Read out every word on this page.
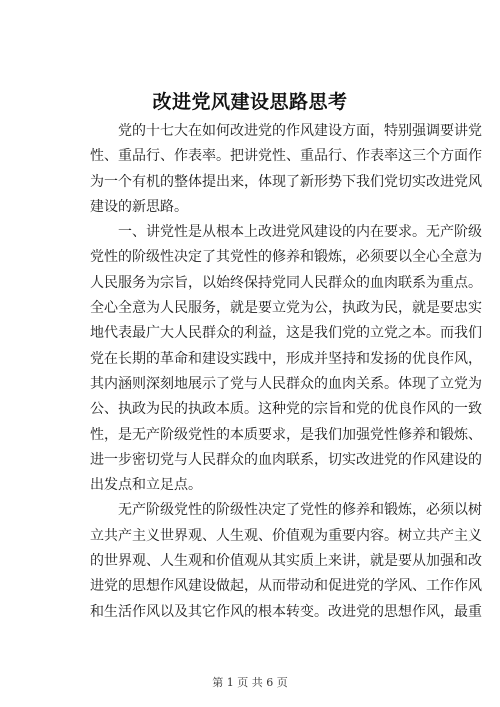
改进党风建设思路思考
党的十七大在如何改进党的作风建设方面，特别强调要讲党
性、重品行、作表率。把讲党性、重品行、作表率这三个方面作
为一个有机的整体提出来，体现了新形势下我们党切实改进党风
建设的新思路。
一、讲党性是从根本上改进党风建设的内在要求。无产阶级
党性的阶级性决定了其党性的修养和锻炼，必须要以全心全意为
人民服务为宗旨，以始终保持党同人民群众的血肉联系为重点。
全心全意为人民服务，就是要立党为公，执政为民，就是要忠实
地代表最广大人民群众的利益，这是我们党的立党之本。而我们
党在长期的革命和建设实践中，形成并坚持和发扬的优良作风，
其内涵则深刻地展示了党与人民群众的血肉关系。体现了立党为
公、执政为民的执政本质。这种党的宗旨和党的优良作风的一致
性，是无产阶级党性的本质要求，是我们加强党性修养和锻炼、
进一步密切党与人民群众的血肉联系，切实改进党的作风建设的
出发点和立足点。
无产阶级党性的阶级性决定了党性的修养和锻炼，必须以树
立共产主义世界观、人生观、价值观为重要内容。树立共产主义
的世界观、人生观和价值观从其实质上来讲，就是要从加强和改
进党的思想作风建设做起，从而带动和促进党的学风、工作作风
和生活作风以及其它作风的根本转变。改进党的思想作风，最重
第 1 页 共 6 页
